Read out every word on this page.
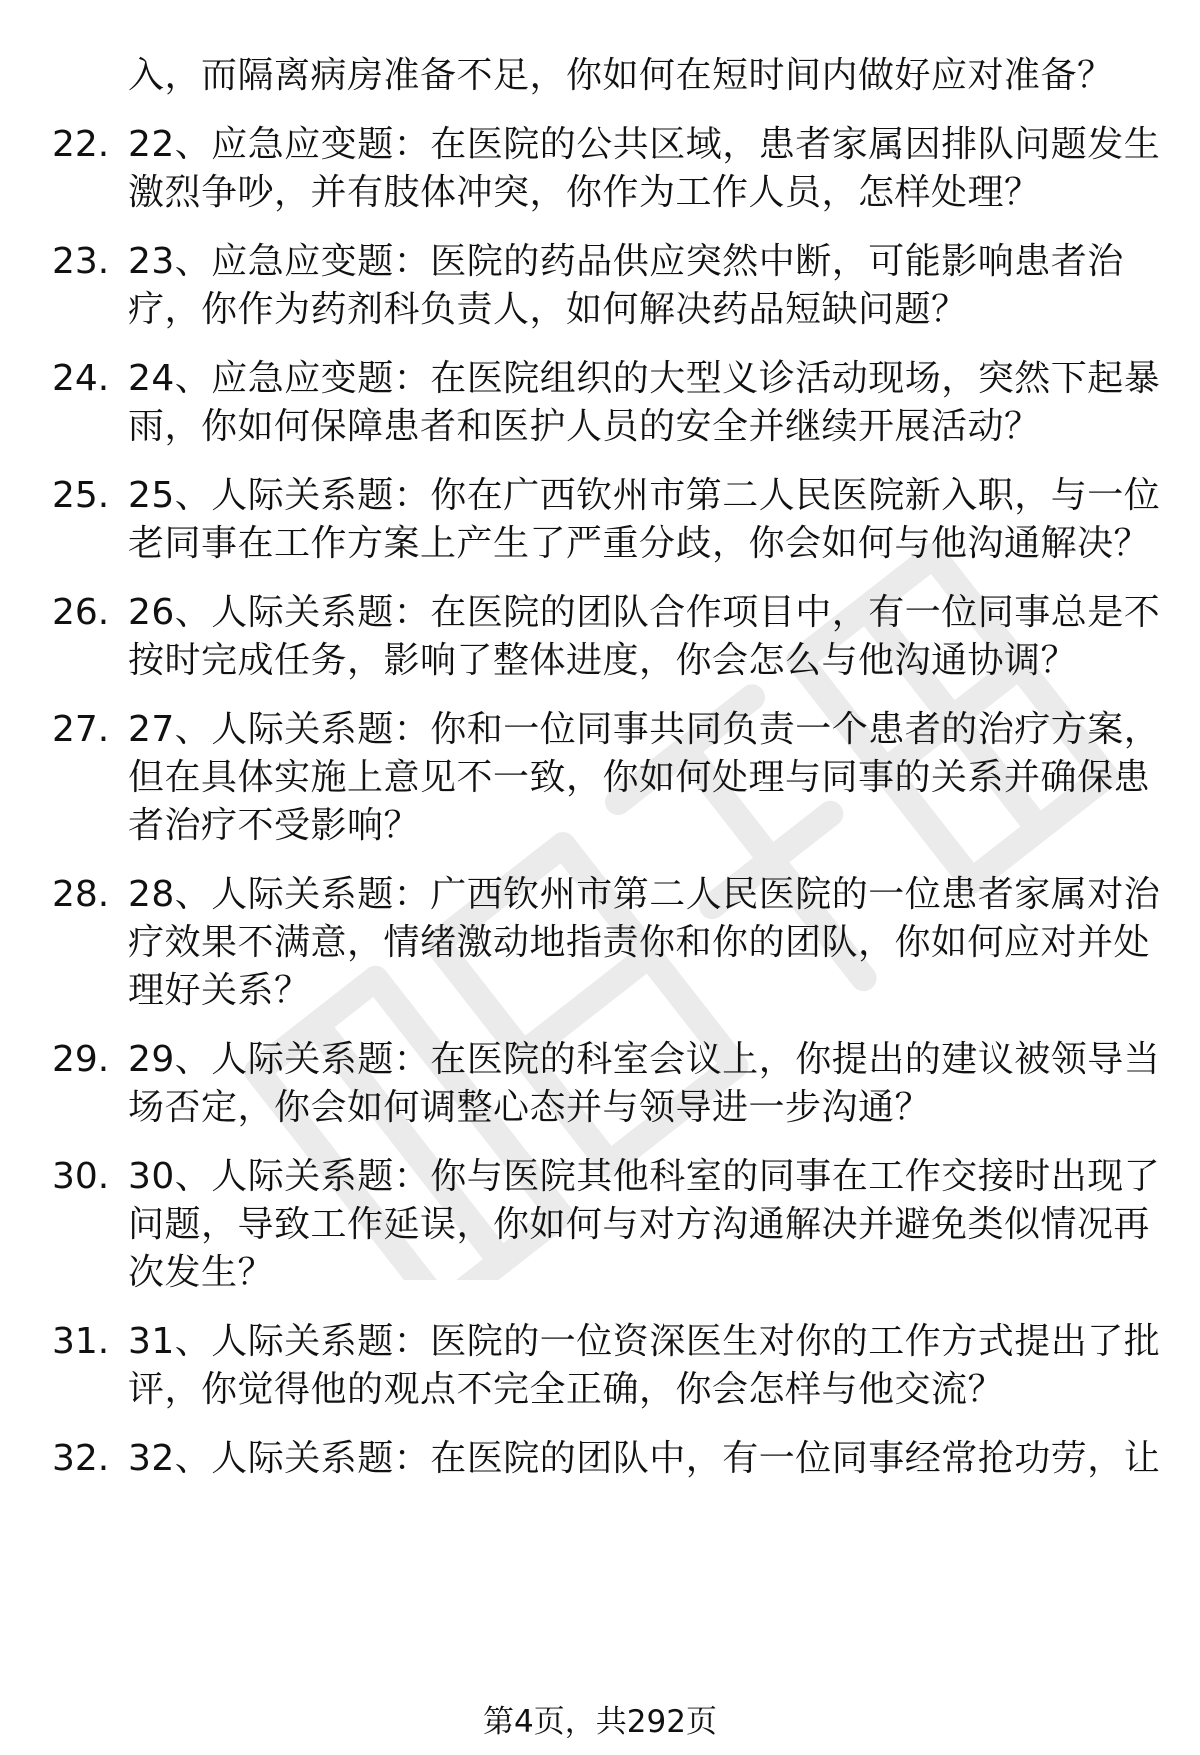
入，而隔离病房准备不足，你如何在短时间内做好应对准备？
22. 22、应急应变题：在医院的公共区域，患者家属因排队问题发生
激烈争吵，并有肢体冲突，你作为工作人员，怎样处理？
23. 23、应急应变题：医院的药品供应突然中断，可能影响患者治
疗，你作为药剂科负责人，如何解决药品短缺问题？
24. 24、应急应变题：在医院组织的大型义诊活动现场，突然下起暴
雨，你如何保障患者和医护人员的安全并继续开展活动？
25. 25、人际关系题：你在广西钦州市第二人民医院新入职，与一位
老同事在工作方案上产生了严重分歧，你会如何与他沟通解决？
26. 26、人际关系题：在医院的团队合作项目中，有一位同事总是不
按时完成任务，影响了整体进度，你会怎么与他沟通协调？
27. 27、人际关系题：你和一位同事共同负责一个患者的治疗方案，
但在具体实施上意见不一致，你如何处理与同事的关系并确保患
者治疗不受影响？
28. 28、人际关系题：广西钦州市第二人民医院的一位患者家属对治
疗效果不满意，情绪激动地指责你和你的团队，你如何应对并处
理好关系？
29. 29、人际关系题：在医院的科室会议上，你提出的建议被领导当
场否定，你会如何调整心态并与领导进一步沟通？
30. 30、人际关系题：你与医院其他科室的同事在工作交接时出现了
问题，导致工作延误，你如何与对方沟通解决并避免类似情况再
次发生？
31. 31、人际关系题：医院的一位资深医生对你的工作方式提出了批
评，你觉得他的观点不完全正确，你会怎样与他交流？
32. 32、人际关系题：在医院的团队中，有一位同事经常抢功劳，让
第4页，共292页
